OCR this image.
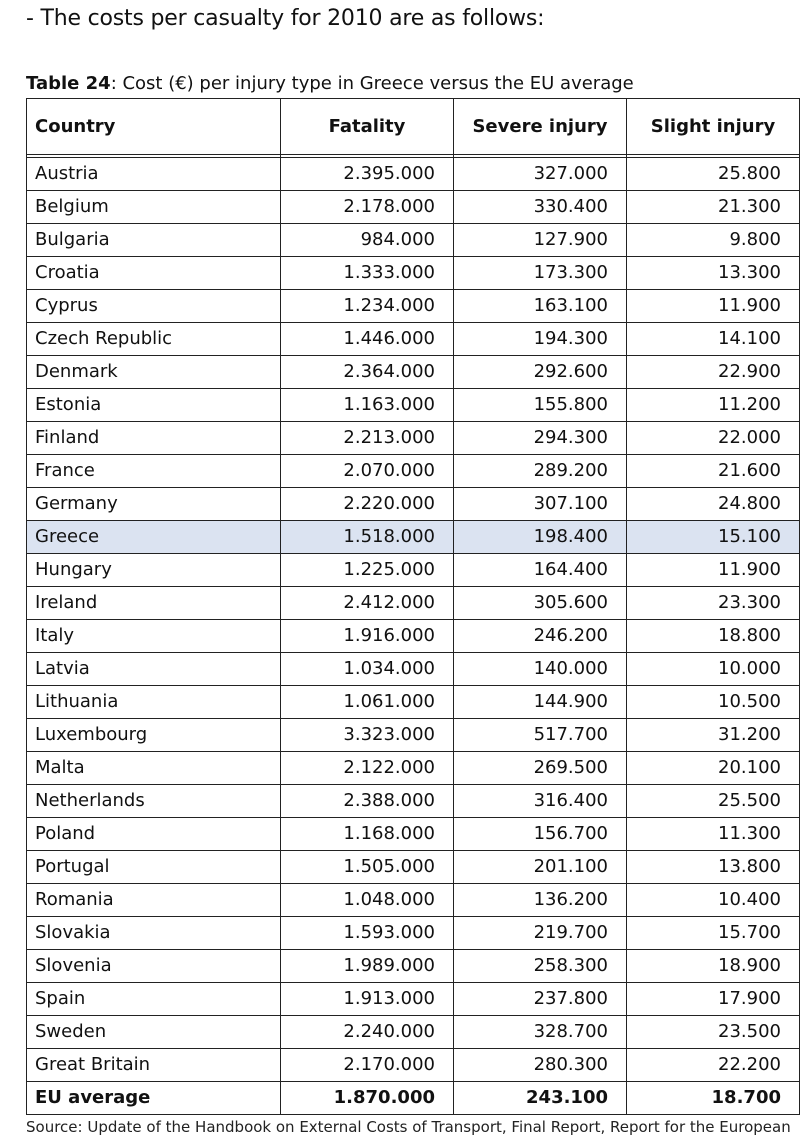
- The costs per casualty for 2010 are as follows:
Table 24: Cost (€) per injury type in Greece versus the EU average
Country	Fatality	Severe injury	Slight injury

Austria	2.395.000	327.000	25.800
Belgium	2.178.000	330.400	21.300
Bulgaria	984.000	127.900	9.800
Croatia	1.333.000	173.300	13.300
Cyprus	1.234.000	163.100	11.900
Czech Republic	1.446.000	194.300	14.100
Denmark	2.364.000	292.600	22.900
Estonia	1.163.000	155.800	11.200
Finland	2.213.000	294.300	22.000
France	2.070.000	289.200	21.600
Germany	2.220.000	307.100	24.800
Greece	1.518.000	198.400	15.100
Hungary	1.225.000	164.400	11.900
Ireland	2.412.000	305.600	23.300
Italy	1.916.000	246.200	18.800
Latvia	1.034.000	140.000	10.000
Lithuania	1.061.000	144.900	10.500
Luxembourg	3.323.000	517.700	31.200
Malta	2.122.000	269.500	20.100
Netherlands	2.388.000	316.400	25.500
Poland	1.168.000	156.700	11.300
Portugal	1.505.000	201.100	13.800
Romania	1.048.000	136.200	10.400
Slovakia	1.593.000	219.700	15.700
Slovenia	1.989.000	258.300	18.900
Spain	1.913.000	237.800	17.900
Sweden	2.240.000	328.700	23.500
Great Britain	2.170.000	280.300	22.200
EU average	1.870.000	243.100	18.700
Source: Update of the Handbook on External Costs of Transport, Final Report, Report for the European
